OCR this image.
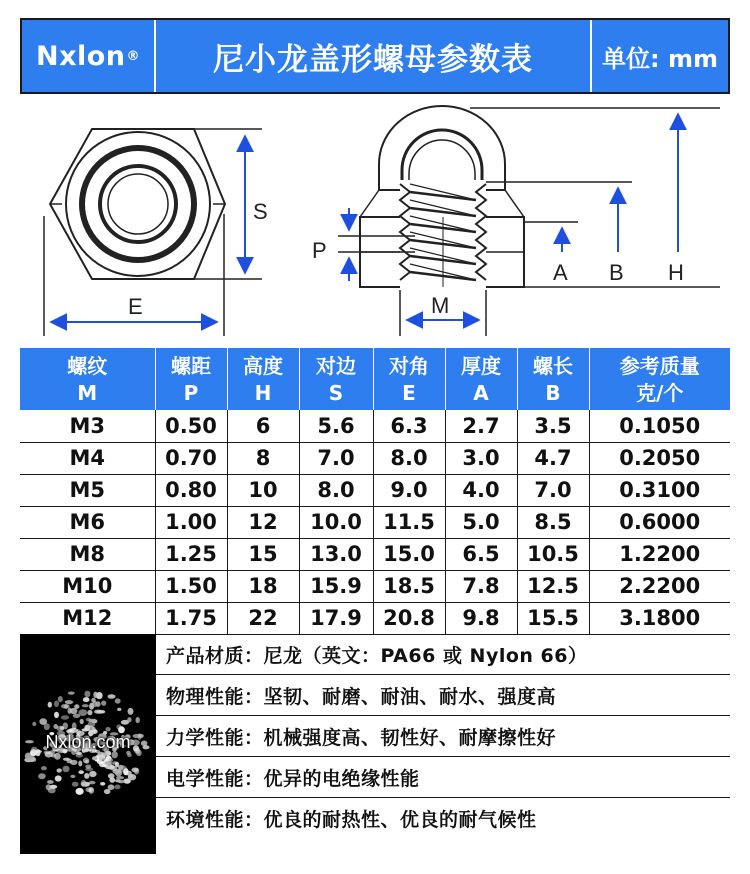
Nxlon ®	尼小龙盖形螺母参数表	单位: mm
S
E
P
M
A B H
螺纹	螺距	高度	对边	对角	厚度	螺长	参考质量
M	P	H	S	E	A	B	克/个
M3	0.50	6	5.6	6.3	2.7	3.5	0.1050
M4	0.70	8	7.0	8.0	3.0	4.7	0.2050
M5	0.80	10	8.0	9.0	4.0	7.0	0.3100
M6	1.00	12	10.0	11.5	5.0	8.5	0.6000
M8	1.25	15	13.0	15.0	6.5	10.5	1.2200
M10	1.50	18	15.9	18.5	7.8	12.5	2.2200
M12	1.75	22	17.9	20.8	9.8	15.5	3.1800
Nxlon.com
产品材质：尼龙（英文：PA66 或 Nylon 66）
物理性能：坚韧、耐磨、耐油、耐水、强度高
力学性能：机械强度高、韧性好、耐摩擦性好
电学性能：优异的电绝缘性能
环境性能：优良的耐热性、优良的耐气候性
